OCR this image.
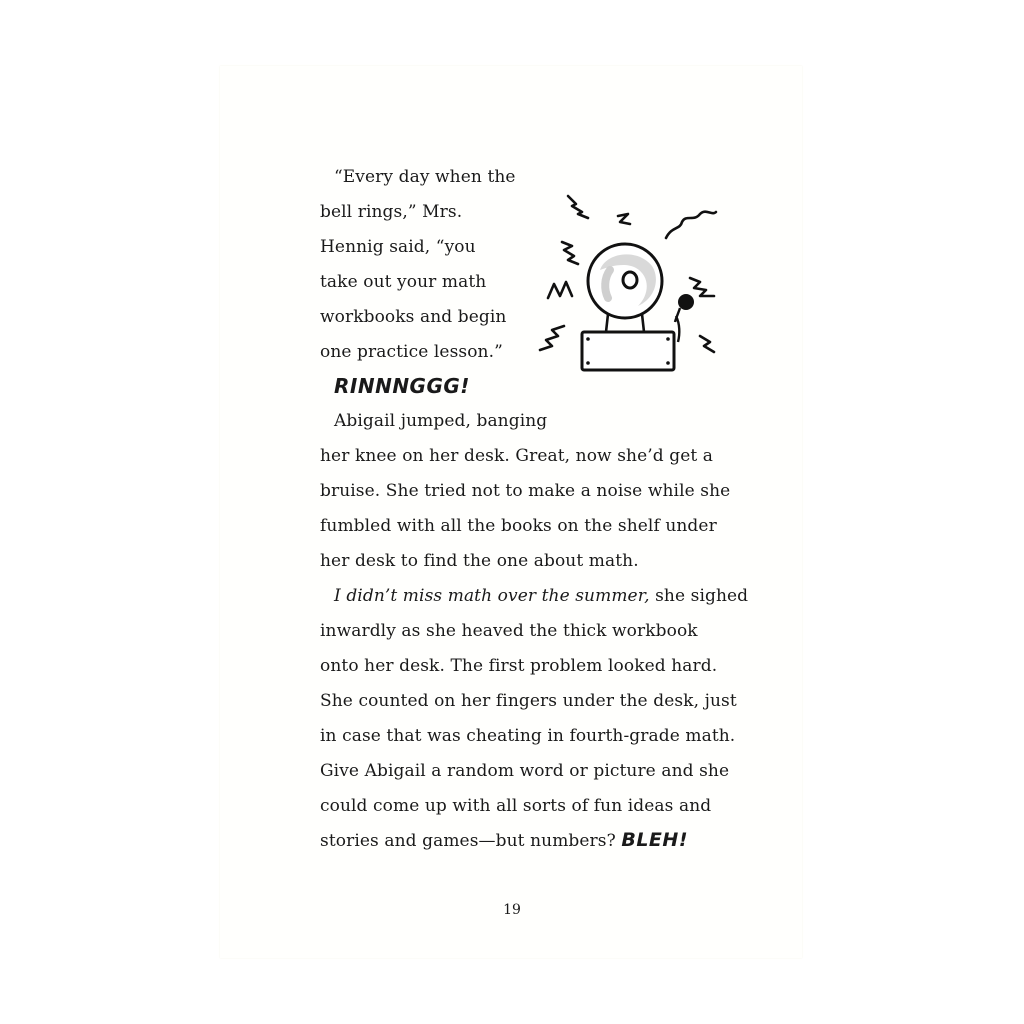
“Every day when the
bell rings,” Mrs.
Hennig said, “you
take out your math
workbooks and begin
one practice lesson.”
RINNNGGG!
Abigail jumped, banging
her knee on her desk. Great, now she’d get a
bruise. She tried not to make a noise while she
fumbled with all the books on the shelf under
her desk to find the one about math.
I didn’t miss math over the summer, she sighed
inwardly as she heaved the thick workbook
onto her desk. The first problem looked hard.
She counted on her fingers under the desk, just
in case that was cheating in fourth-grade math.
Give Abigail a random word or picture and she
could come up with all sorts of fun ideas and
stories and games—but numbers? BLEH!
19
